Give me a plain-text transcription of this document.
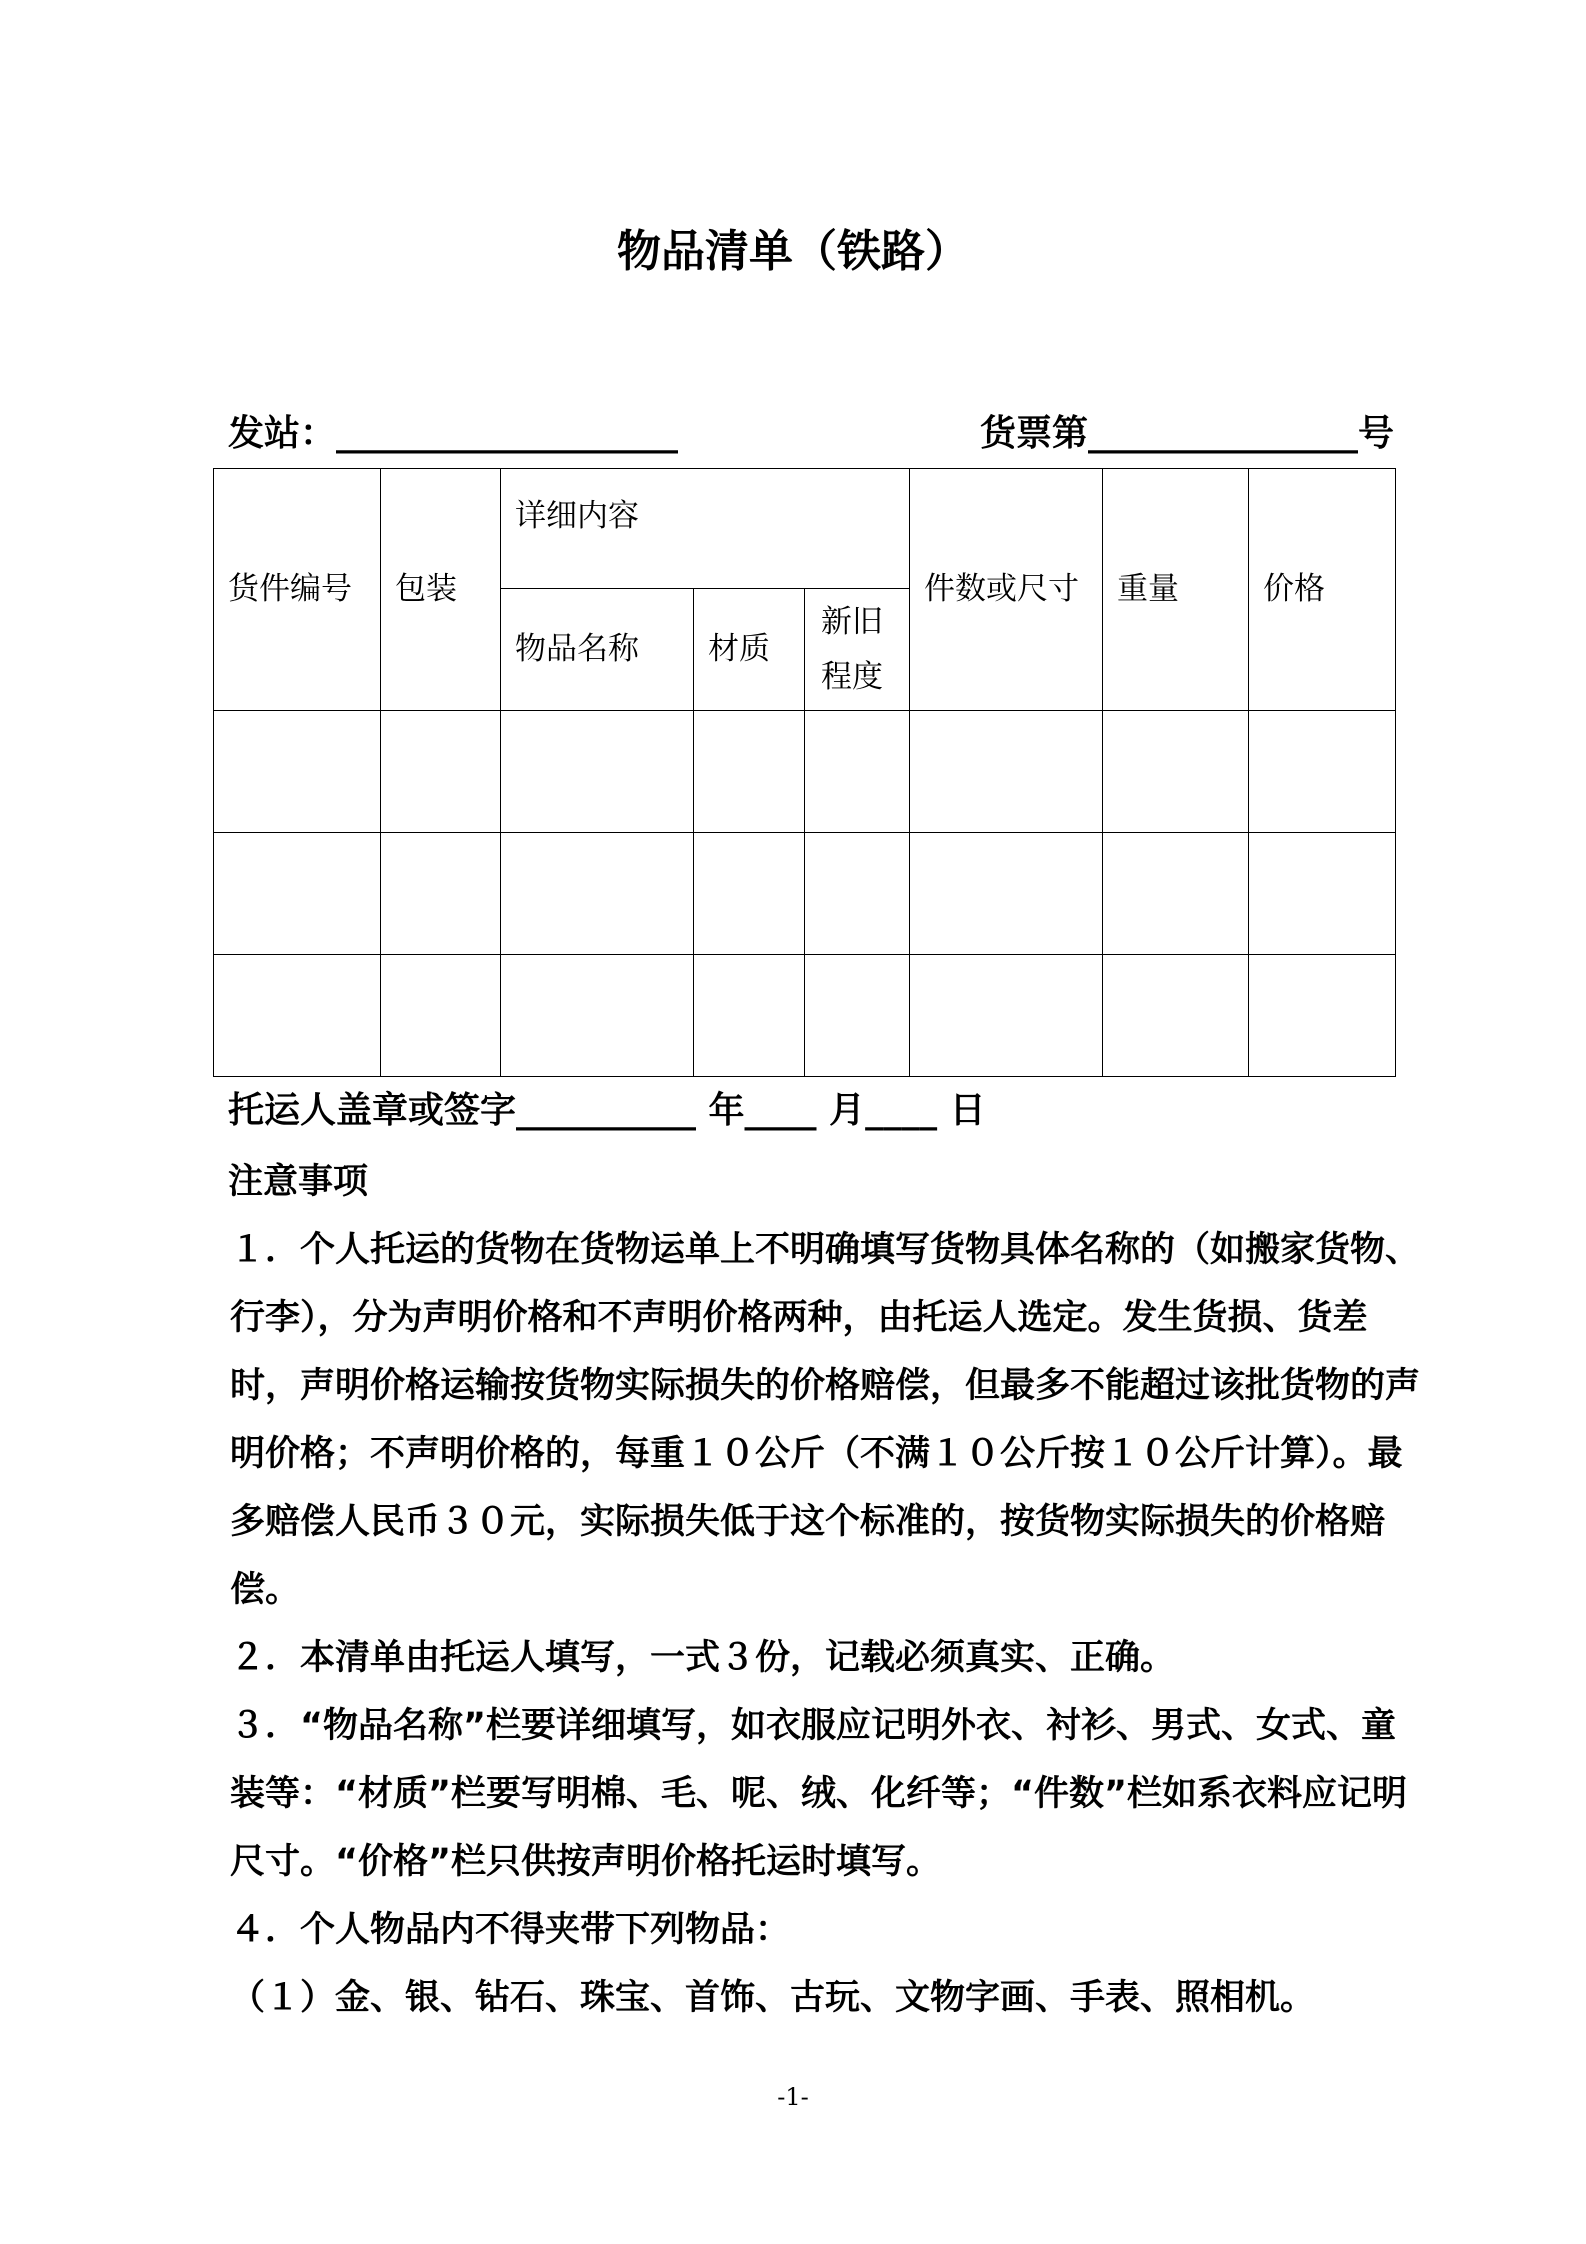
物品清单（铁路）
发站：___________________	货票第_______________号
货件编号	包装	详细内容			件数或尺寸	重量	价格
		物品名称	材质	新旧程度			

托运人盖章或签字__________ 年____ 月____ 日

注意事项

１．个人托运的货物在货物运单上不明确填写货物具体名称的（如搬家货物、行李），分为声明价格和不声明价格两种，由托运人选定。发生货损、货差时，声明价格运输按货物实际损失的价格赔偿，但最多不能超过该批货物的声明价格；不声明价格的，每重１０公斤（不满１０公斤按１０公斤计算）。最多赔偿人民币３０元，实际损失低于这个标准的，按货物实际损失的价格赔偿。

２．本清单由托运人填写，一式３份，记载必须真实、正确。

３．“物品名称”栏要详细填写，如衣服应记明外衣、衬衫、男式、女式、童装等：“材质”栏要写明棉、毛、呢、绒、化纤等；“件数”栏如系衣料应记明尺寸。“价格”栏只供按声明价格托运时填写。

４．个人物品内不得夹带下列物品：

（１）金、银、钻石、珠宝、首饰、古玩、文物字画、手表、照相机。

-1-
